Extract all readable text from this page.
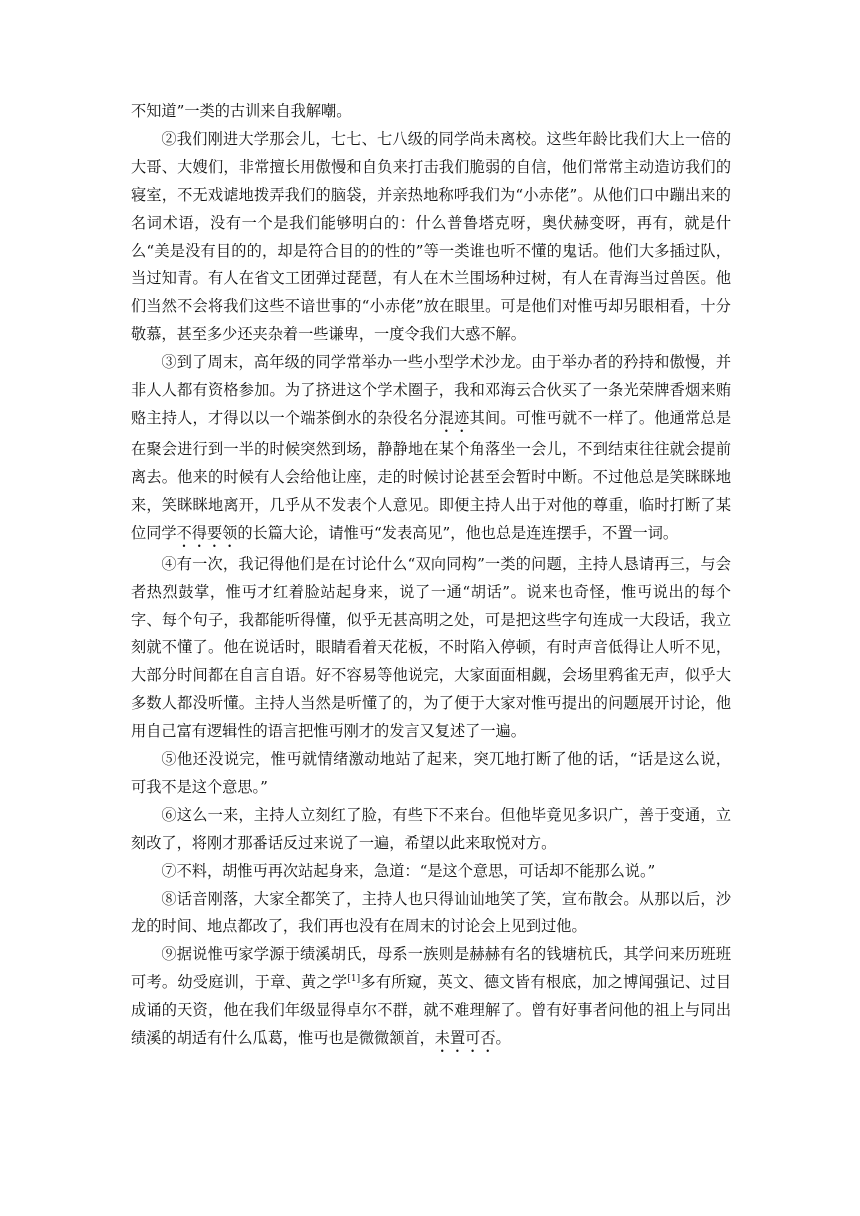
不知道”一类的古训来自我解嘲。

②我们刚进大学那会儿，七七、七八级的同学尚未离校。这些年龄比我们大上一倍的大哥、大嫂们，非常擅长用傲慢和自负来打击我们脆弱的自信，他们常常主动造访我们的寝室，不无戏谑地拨弄我们的脑袋，并亲热地称呼我们为“小赤佬”。从他们口中蹦出来的名词术语，没有一个是我们能够明白的：什么普鲁塔克呀，奥伏赫变呀，再有，就是什么“美是没有目的的，却是符合目的的性的”等一类谁也听不懂的鬼话。他们大多插过队，当过知青。有人在省文工团弹过琵琶，有人在木兰围场种过树，有人在青海当过兽医。他们当然不会将我们这些不谙世事的“小赤佬”放在眼里。可是他们对惟丏却另眼相看，十分敬慕，甚至多少还夹杂着一些谦卑，一度令我们大惑不解。

③到了周末，高年级的同学常举办一些小型学术沙龙。由于举办者的矜持和傲慢，并非人人都有资格参加。为了挤进这个学术圈子，我和邓海云合伙买了一条光荣牌香烟来贿赂主持人，才得以以一个端茶倒水的杂役名分混迹其间。可惟丏就不一样了。他通常总是在聚会进行到一半的时候突然到场，静静地在某个角落坐一会儿，不到结束往往就会提前离去。他来的时候有人会给他让座，走的时候讨论甚至会暂时中断。不过他总是笑眯眯地来，笑眯眯地离开，几乎从不发表个人意见。即便主持人出于对他的尊重，临时打断了某位同学不得要领的长篇大论，请惟丏“发表高见”，他也总是连连摆手，不置一词。

④有一次，我记得他们是在讨论什么“双向同构”一类的问题，主持人恳请再三，与会者热烈鼓掌，惟丏才红着脸站起身来，说了一通“胡话”。说来也奇怪，惟丏说出的每个字、每个句子，我都能听得懂，似乎无甚高明之处，可是把这些字句连成一大段话，我立刻就不懂了。他在说话时，眼睛看着天花板，不时陷入停顿，有时声音低得让人听不见，大部分时间都在自言自语。好不容易等他说完，大家面面相觑，会场里鸦雀无声，似乎大多数人都没听懂。主持人当然是听懂了的，为了便于大家对惟丏提出的问题展开讨论，他用自己富有逻辑性的语言把惟丏刚才的发言又复述了一遍。

⑤他还没说完，惟丏就情绪激动地站了起来，突兀地打断了他的话，“话是这么说，可我不是这个意思。”

⑥这么一来，主持人立刻红了脸，有些下不来台。但他毕竟见多识广，善于变通，立刻改了，将刚才那番话反过来说了一遍，希望以此来取悦对方。

⑦不料，胡惟丏再次站起身来，急道：“是这个意思，可话却不能那么说。”

⑧话音刚落，大家全都笑了，主持人也只得讪讪地笑了笑，宣布散会。从那以后，沙龙的时间、地点都改了，我们再也没有在周末的讨论会上见到过他。

⑨据说惟丏家学源于绩溪胡氏，母系一族则是赫赫有名的钱塘杭氏，其学问来历班班可考。幼受庭训，于章、黄之学[1]多有所窥，英文、德文皆有根底，加之博闻强记、过目成诵的天资，他在我们年级显得卓尔不群，就不难理解了。曾有好事者问他的祖上与同出绩溪的胡适有什么瓜葛，惟丏也是微微颔首，未置可否。
